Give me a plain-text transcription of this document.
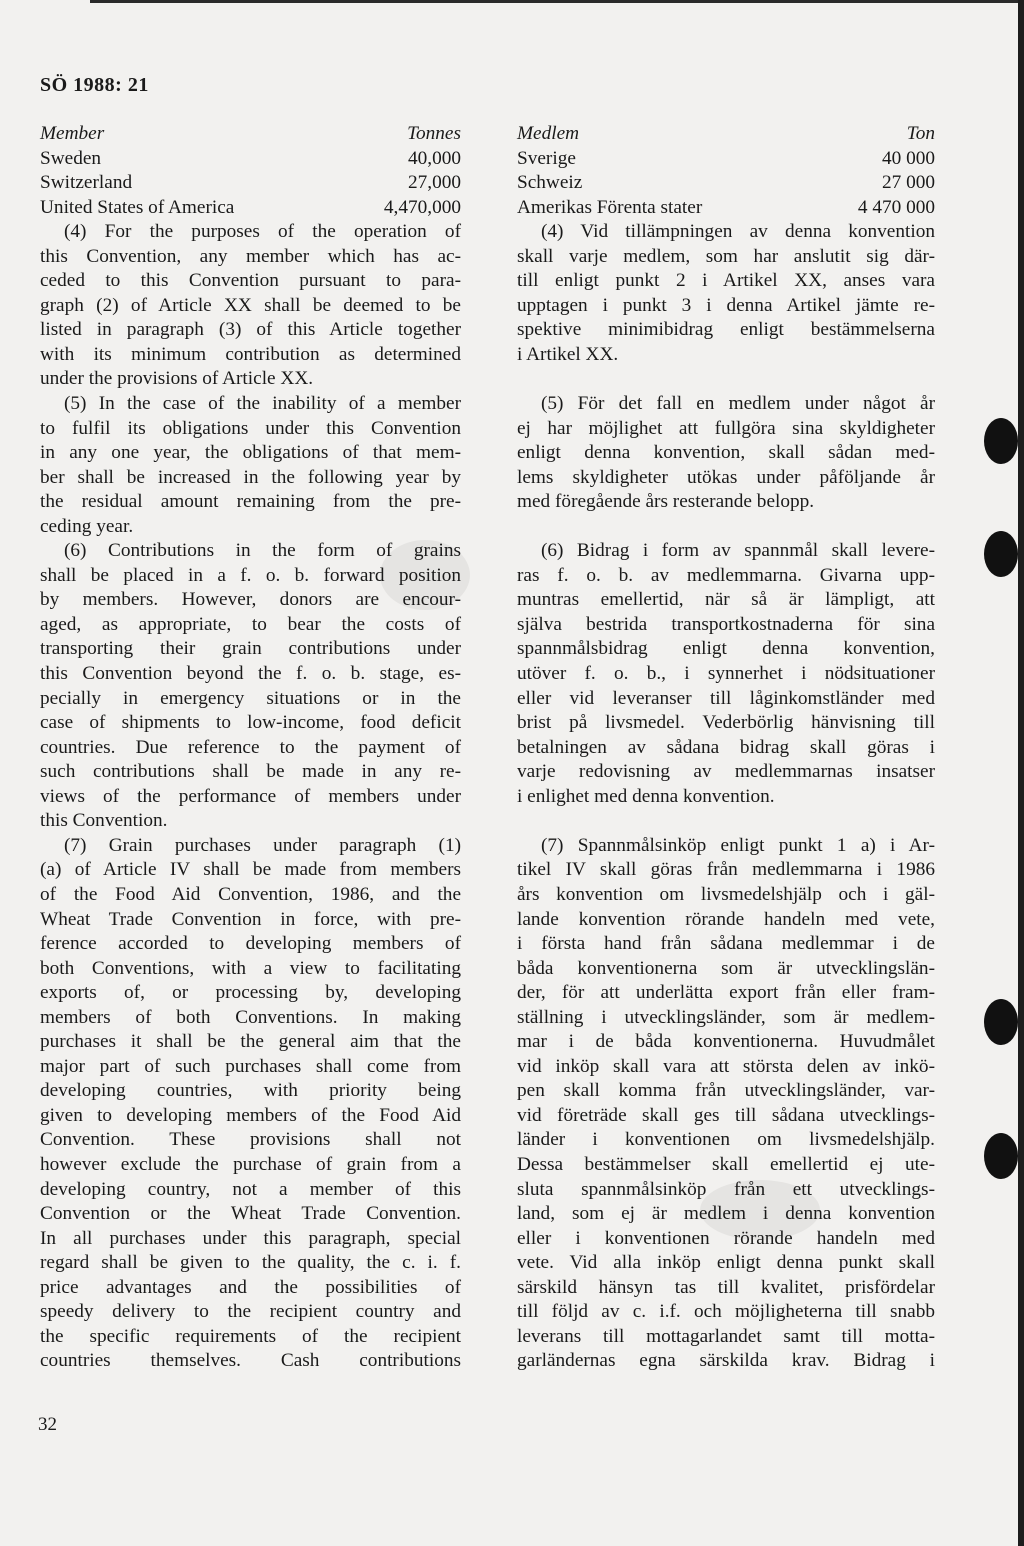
SÖ 1988: 21
Member	Tonnes
Sweden	40,000
Switzerland	27,000
United States of America	4,470,000
(4) For the purposes of the operation of
this Convention, any member which has ac-
ceded to this Convention pursuant to para-
graph (2) of Article XX shall be deemed to be
listed in paragraph (3) of this Article together
with its minimum contribution as determined
under the provisions of Article XX.
(5) In the case of the inability of a member
to fulfil its obligations under this Convention
in any one year, the obligations of that mem-
ber shall be increased in the following year by
the residual amount remaining from the pre-
ceding year.
(6) Contributions in the form of grains
shall be placed in a f. o. b. forward position
by members. However, donors are encour-
aged, as appropriate, to bear the costs of
transporting their grain contributions under
this Convention beyond the f. o. b. stage, es-
pecially in emergency situations or in the
case of shipments to low-income, food deficit
countries. Due reference to the payment of
such contributions shall be made in any re-
views of the performance of members under
this Convention.
(7) Grain purchases under paragraph (1)
(a) of Article IV shall be made from members
of the Food Aid Convention, 1986, and the
Wheat Trade Convention in force, with pre-
ference accorded to developing members of
both Conventions, with a view to facilitating
exports of, or processing by, developing
members of both Conventions. In making
purchases it shall be the general aim that the
major part of such purchases shall come from
developing countries, with priority being
given to developing members of the Food Aid
Convention. These provisions shall not
however exclude the purchase of grain from a
developing country, not a member of this
Convention or the Wheat Trade Convention.
In all purchases under this paragraph, special
regard shall be given to the quality, the c. i. f.
price advantages and the possibilities of
speedy delivery to the recipient country and
the specific requirements of the recipient
countries themselves. Cash contributions
Medlem	Ton
Sverige	40 000
Schweiz	27 000
Amerikas Förenta stater	4 470 000
(4) Vid tillämpningen av denna konvention
skall varje medlem, som har anslutit sig där-
till enligt punkt 2 i Artikel XX, anses vara
upptagen i punkt 3 i denna Artikel jämte re-
spektive minimibidrag enligt bestämmelserna
i Artikel XX.
(5) För det fall en medlem under något år
ej har möjlighet att fullgöra sina skyldigheter
enligt denna konvention, skall sådan med-
lems skyldigheter utökas under påföljande år
med föregående års resterande belopp.
(6) Bidrag i form av spannmål skall levere-
ras f. o. b. av medlemmarna. Givarna upp-
muntras emellertid, när så är lämpligt, att
själva bestrida transportkostnaderna för sina
spannmålsbidrag enligt denna konvention,
utöver f. o. b., i synnerhet i nödsituationer
eller vid leveranser till låginkomstländer med
brist på livsmedel. Vederbörlig hänvisning till
betalningen av sådana bidrag skall göras i
varje redovisning av medlemmarnas insatser
i enlighet med denna konvention.
(7) Spannmålsinköp enligt punkt 1 a) i Ar-
tikel IV skall göras från medlemmarna i 1986
års konvention om livsmedelshjälp och i gäl-
lande konvention rörande handeln med vete,
i första hand från sådana medlemmar i de
båda konventionerna som är utvecklingslän-
der, för att underlätta export från eller fram-
ställning i utvecklingsländer, som är medlem-
mar i de båda konventionerna. Huvudmålet
vid inköp skall vara att största delen av inkö-
pen skall komma från utvecklingsländer, var-
vid företräde skall ges till sådana utvecklings-
länder i konventionen om livsmedelshjälp.
Dessa bestämmelser skall emellertid ej ute-
sluta spannmålsinköp från ett utvecklings-
land, som ej är medlem i denna konvention
eller i konventionen rörande handeln med
vete. Vid alla inköp enligt denna punkt skall
särskild hänsyn tas till kvalitet, prisfördelar
till följd av c. i.f. och möjligheterna till snabb
leverans till mottagarlandet samt till motta-
garländernas egna särskilda krav. Bidrag i
32
